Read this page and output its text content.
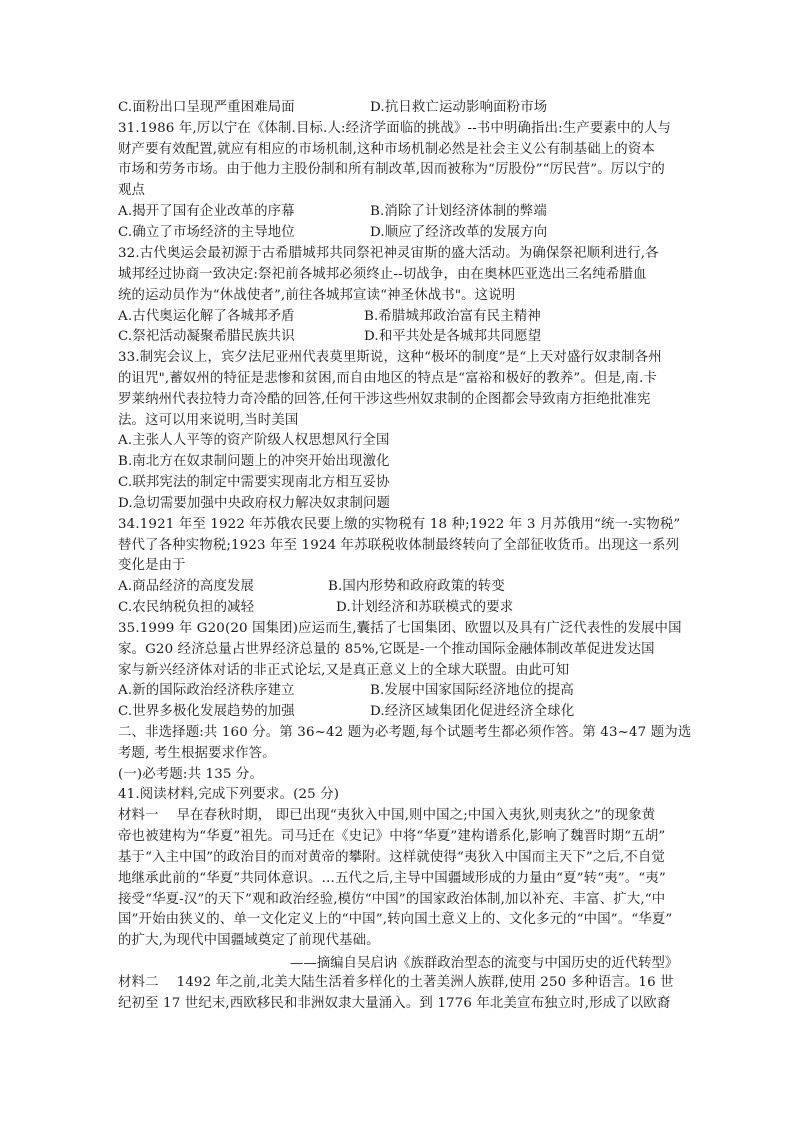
C.面粉出口呈现严重困难局面	D.抗日救亡运动影响面粉市场
31.1986 年,厉以宁在《体制.目标.人:经济学面临的挑战》--书中明确指出:生产要素中的人与
财产要有效配置,就应有相应的市场机制,这种市场机制必然是社会主义公有制基础上的资本
市场和劳务市场。由于他力主股份制和所有制改革,因而被称为“厉股份”“厉民营”。厉以宁的
观点
A.揭开了国有企业改革的序幕	B.消除了计划经济体制的弊端
C.确立了市场经济的主导地位	D.顺应了经济改革的发展方向
32.古代奥运会最初源于古希腊城邦共同祭祀神灵宙斯的盛大活动。为确保祭祀顺利进行,各
城邦经过协商一致决定:祭祀前各城邦必须终止--切战争，由在奥林匹亚选出三名纯希腊血
统的运动员作为“休战使者”,前往各城邦宣读“神圣休战书"。这说明
A.古代奥运化解了各城邦矛盾	B.希腊城邦政治富有民主精神
C.祭祀活动凝聚希腊民族共识	D.和平共处是各城邦共同愿望
33.制宪会议上，宾夕法尼亚州代表莫里斯说，这种“极坏的制度”是“上天对盛行奴隶制各州
的诅咒",蓄奴州的特征是悲惨和贫困,而自由地区的特点是“富裕和极好的教养”。但是,南.卡
罗莱纳州代表拉特力奇冷酷的回答,任何干涉这些州奴隶制的企图都会导致南方拒绝批准宪
法。这可以用来说明,当时美国
A.主张人人平等的资产阶级人权思想风行全国
B.南北方在奴隶制问题上的冲突开始出现激化
C.联邦宪法的制定中需要实现南北方相互妥协
D.急切需要加强中央政府权力解决奴隶制问题
34.1921 年至 1922 年苏俄农民要上缴的实物税有 18 种;1922 年 3 月苏俄用“统一-实物税”
替代了各种实物税;1923 年至 1924 年苏联税收体制最终转向了全部征收货币。出现这一系列
变化是由于
A.商品经济的高度发展	B.国内形势和政府政策的转变
C.农民纳税负担的减轻	D.计划经济和苏联模式的要求
35.1999 年 G20(20 国集团)应运而生,囊括了七国集团、欧盟以及具有广泛代表性的发展中国
家。G20 经济总量占世界经济总量的 85%,它既是-一个推动国际金融体制改革促进发达国
家与新兴经济体对话的非正式论坛,又是真正意义上的全球大联盟。由此可知
A.新的国际政治经济秩序建立	B.发展中国家国际经济地位的提高
C.世界多极化发展趋势的加强	D.经济区域集团化促进经济全球化
二、非选择题:共 160 分。第 36~42 题为必考题,每个试题考生都必须作答。第 43~47 题为选
考题, 考生根据要求作答。
(一)必考题:共 135 分。
41.阅读材料,完成下列要求。(25 分)
材料一　 早在春秋时期， 即已出现“夷狄入中国,则中国之;中国入夷狄,则夷狄之”的现象黄
帝也被建构为“华夏”祖先。司马迁在《史记》中将“华夏”建构谱系化,影响了魏晋时期“五胡”
基于“入主中国”的政治目的而对黄帝的攀附。这样就使得“夷狄入中国而主天下”之后,不自觉
地继承此前的“华夏”共同体意识。…五代之后,主导中国疆域形成的力量由“夏”转“夷”。“夷”
接受“华夏-汉”的天下”观和政治经验,模仿“中国”的国家政治体制,加以补充、丰富、扩大,“中
国”开始由狭义的、单一文化定义上的“中国”,转向国土意义上的、文化多元的“中国”。“华夏”
的扩大,为现代中国疆域奠定了前现代基础。
——摘编自吴启讷《族群政治型态的流变与中国历史的近代转型》
材料二　 1492 年之前,北美大陆生活着多样化的土著美洲人族群,使用 250 多种语言。16 世
纪初至 17 世纪末,西欧移民和非洲奴隶大量涌入。到 1776 年北美宣布独立时,形成了以欧裔
